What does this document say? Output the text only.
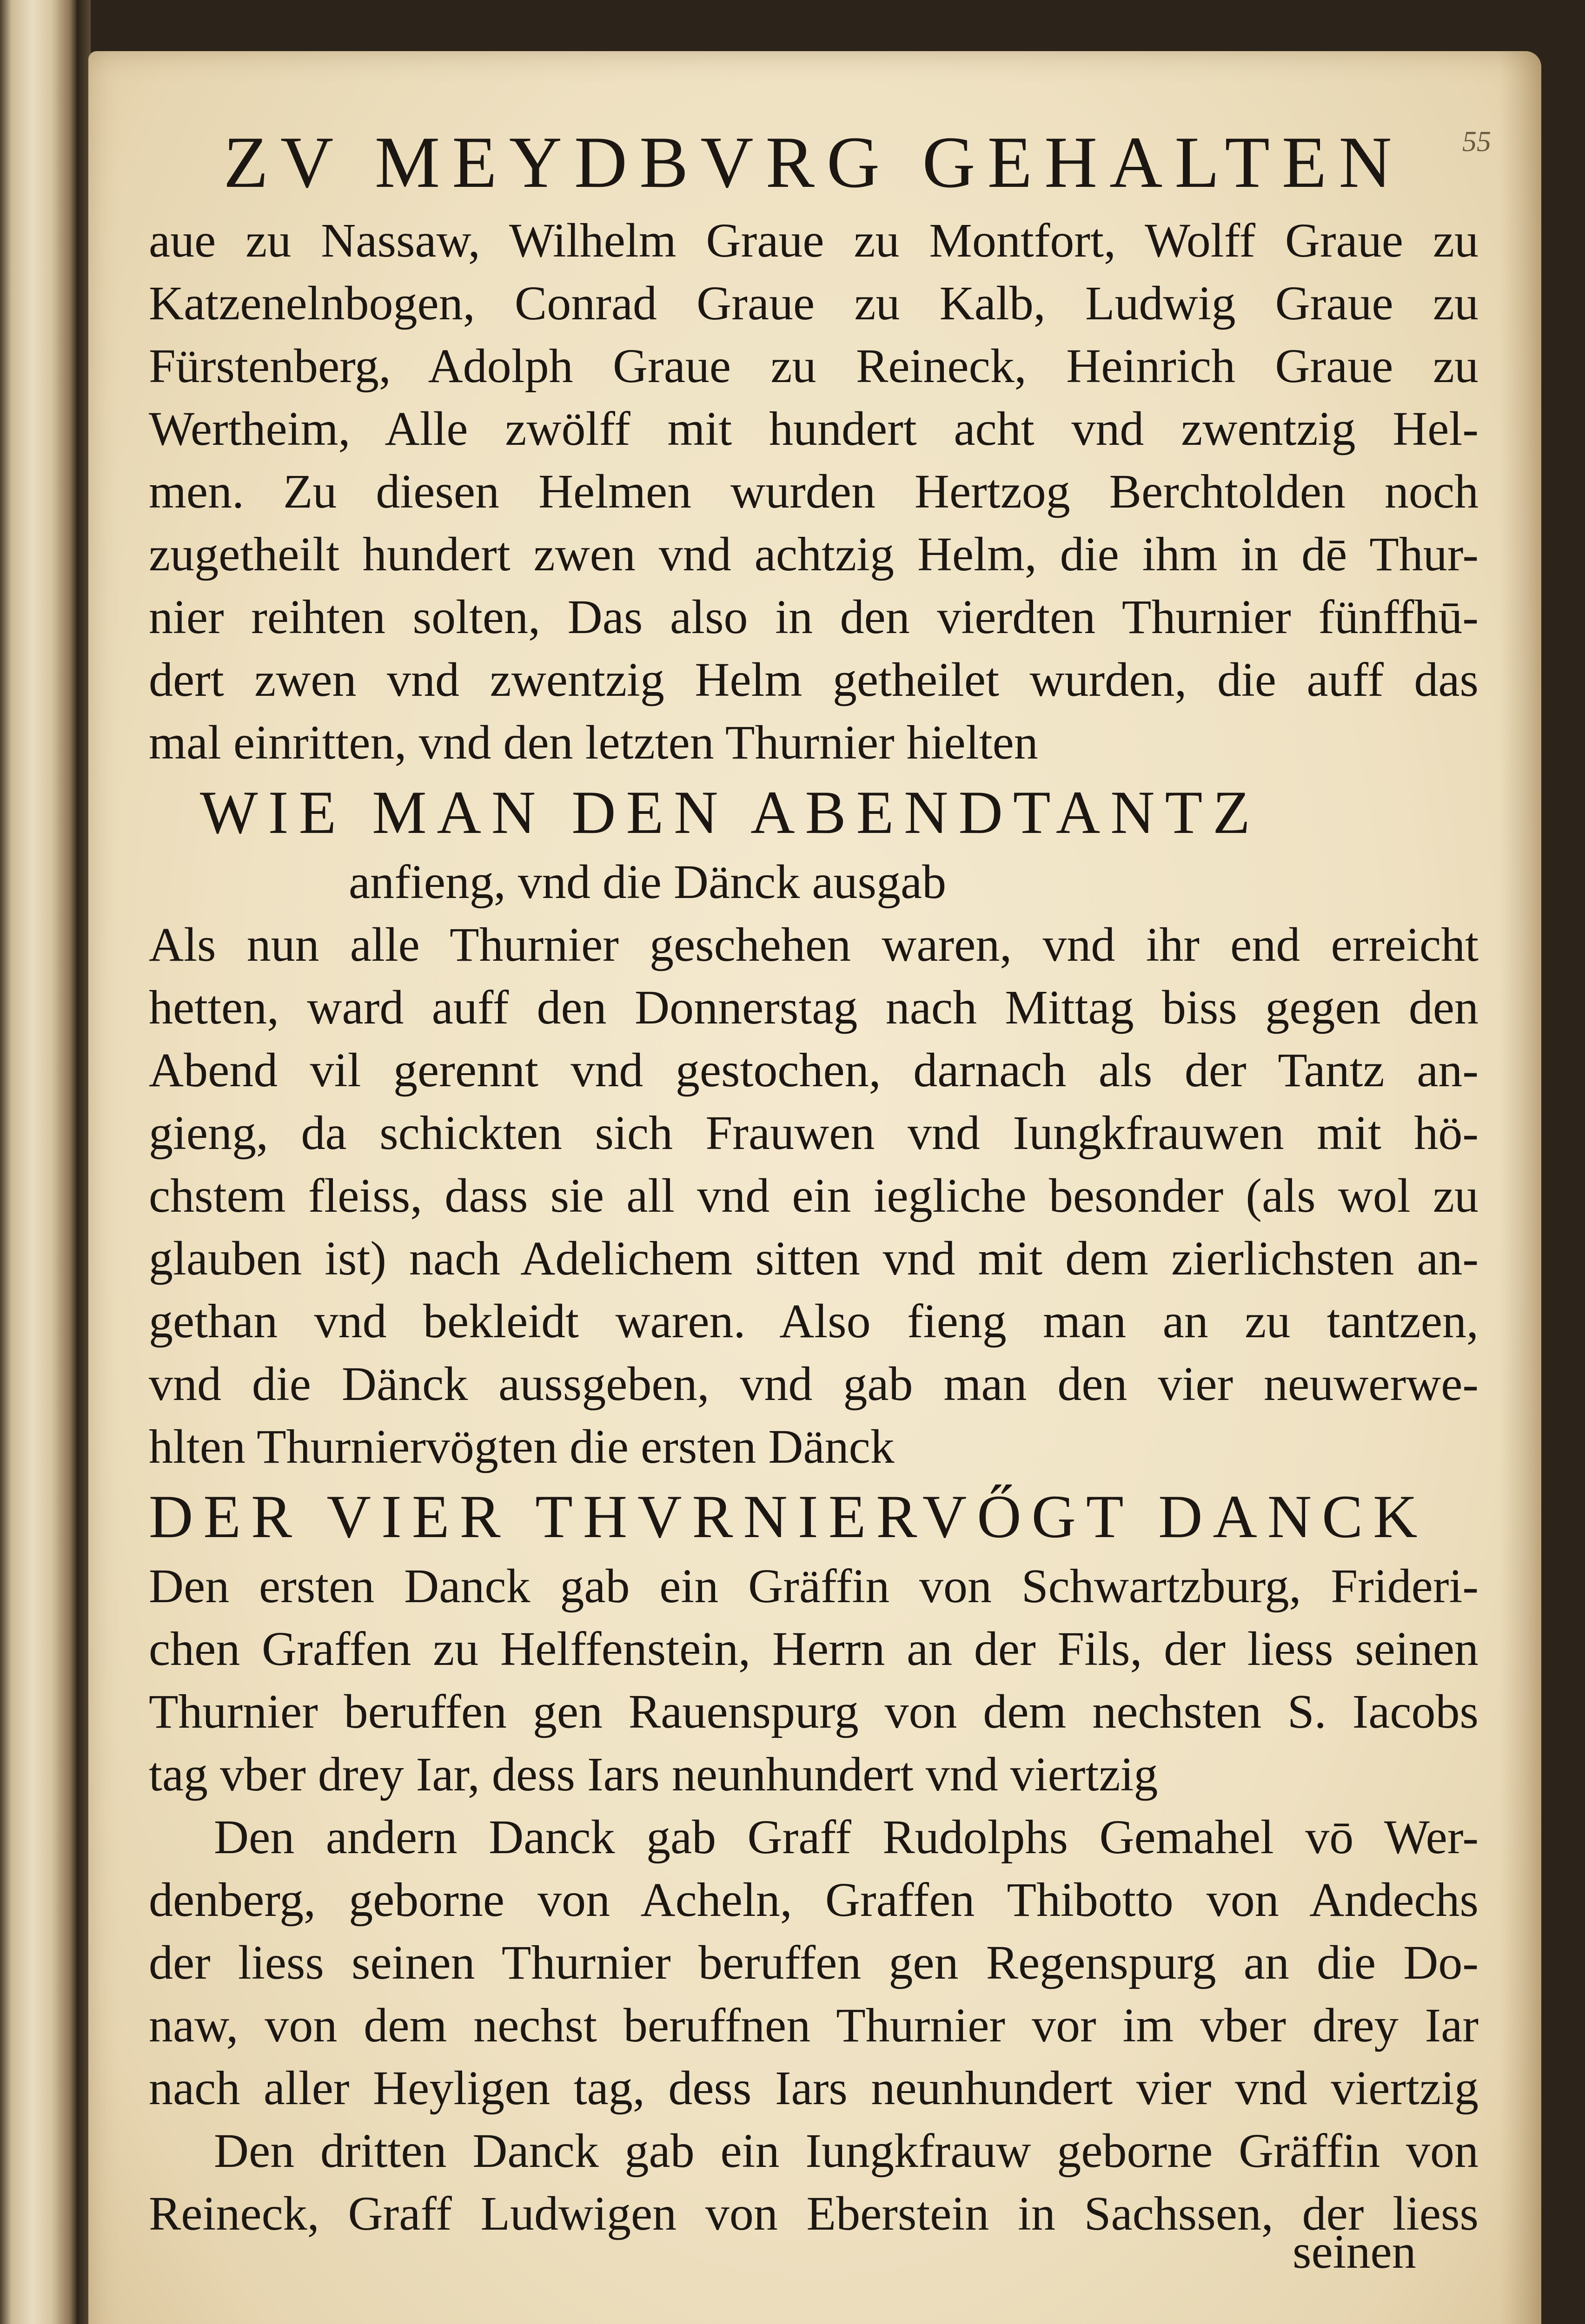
55
ZV MEYDBVRG GEHALTEN
aue zu Nassaw, Wilhelm Graue zu Montfort, Wolff Graue zu
Katzenelnbogen, Conrad Graue zu Kalb, Ludwig Graue zu
Fürstenberg, Adolph Graue zu Reineck, Heinrich Graue zu
Wertheim, Alle zwölff mit hundert acht vnd zwentzig Hel-
men. Zu diesen Helmen wurden Hertzog Berchtolden noch
zugetheilt hundert zwen vnd achtzig Helm, die ihm in dē Thur-
nier reihten solten, Das also in den vierdten Thurnier fünffhū-
dert zwen vnd zwentzig Helm getheilet wurden, die auff das
mal einritten, vnd den letzten Thurnier hielten
WIE MAN DEN ABENDTANTZ
anfieng, vnd die Dänck ausgab
Als nun alle Thurnier geschehen waren, vnd ihr end erreicht
hetten, ward auff den Donnerstag nach Mittag biss gegen den
Abend vil gerennt vnd gestochen, darnach als der Tantz an-
gieng, da schickten sich Frauwen vnd Iungkfrauwen mit hö-
chstem fleiss, dass sie all vnd ein iegliche besonder (als wol zu
glauben ist) nach Adelichem sitten vnd mit dem zierlichsten an-
gethan vnd bekleidt waren. Also fieng man an zu tantzen,
vnd die Dänck aussgeben, vnd gab man den vier neuwerwe-
hlten Thurniervögten die ersten Dänck
DER VIER THVRNIERVŐGT DANCK
Den ersten Danck gab ein Gräffin von Schwartzburg, Frideri-
chen Graffen zu Helffenstein, Herrn an der Fils, der liess seinen
Thurnier beruffen gen Rauenspurg von dem nechsten S. Iacobs
tag vber drey Iar, dess Iars neunhundert vnd viertzig
Den andern Danck gab Graff Rudolphs Gemahel vō Wer-
denberg, geborne von Acheln, Graffen Thibotto von Andechs
der liess seinen Thurnier beruffen gen Regenspurg an die Do-
naw, von dem nechst beruffnen Thurnier vor im vber drey Iar
nach aller Heyligen tag, dess Iars neunhundert vier vnd viertzig
Den dritten Danck gab ein Iungkfrauw geborne Gräffin von
Reineck, Graff Ludwigen von Eberstein in Sachssen, der liess
seinen
